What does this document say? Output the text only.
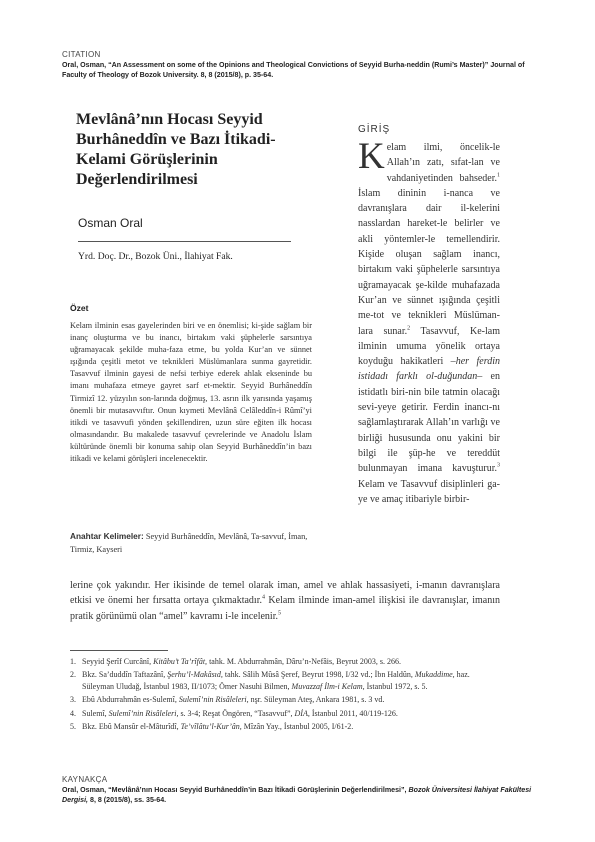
CITATION
Oral, Osman, “An Assessment on some of the Opinions and Theological Convictions of Seyyid Burha-neddin (Rumi’s Master)” Journal of Faculty of Theology of Bozok University. 8, 8 (2015/8), p. 35-64.
Mevlânâ’nın Hocası Seyyid Burhâneddîn ve Bazı İtikadi-Kelami Görüşlerinin Değerlendirilmesi
Osman Oral
Yrd. Doç. Dr., Bozok Üni., İlahiyat Fak.
Özet

Kelam ilminin esas gayelerinden biri ve en önemlisi; ki-şide sağlam bir inanç oluşturma ve bu inancı, birtakım vaki şüphelerle sarsıntıya uğramayacak şekilde muha-faza etme, bu yolda Kur’an ve sünnet ışığında çeşitli metot ve teknikleri Müslümanlara sunma gayretidir. Tasavvuf ilminin gayesi de nefsi terbiye ederek ahlak ekseninde bu imanı muhafaza etmeye gayret sarf et-mektir. Seyyid Burhâneddîn Tirmizî 12. yüzyılın son-larında doğmuş, 13. asrın ilk yarısında yaşamış önemli bir mutasavvıftır. Onun kıymeti Mevlânâ Celâleddîn-i Rûmî’yi itikdi ve tasavvufi yönden şekillendiren, uzun süre eğiten ilk hocası olmasındandır. Bu makalede tasavvuf çevrelerinde ve Anadolu İslam kültüründe önemli bir konuma sahip olan Seyyid Burhâneddîn’in bazı itikadi ve kelami görüşleri incelenecektir.

Anahtar Kelimeler: Seyyid Burhâneddîn, Mevlânâ, Ta-savvuf, İman, Tirmiz, Kayseri

GİRİŞ

Kelam ilmi, öncelik-le Allah’ın zatı, sıfat-lan ve vahdaniyetinden bahseder.$^1$ İslam dininin i-nanca ve davranışlara dair il-kelerini nasslardan hareket-le belirler ve akli yöntemler-le temellendirir. Kişide oluşan sağlam inancı, birtakım vaki şüphelerle sarsıntıya uğramayacak şe-kilde muhafazada Kur’an ve sünnet ışığında çeşitli me-tot ve teknikleri Müslüman-lara sunar.$^2$ Tasavvuf, Ke-lam ilminin umuma yönelik ortaya koyduğu hakikatleri –her ferdin istidadı farklı ol-duğundan– en istidatlı biri-nin bile tatmin olacağı sevi-yeye getirir. Ferdin inancı-nı sağlamlaştırarak Allah’ın varlığı ve birliği hususunda onu yakini bir bilgi ile şüp-he ve tereddüt bulunmayan imana kavuşturur.$^3$ Kelam ve Tasavvuf disiplinleri ga-ye ve amaç itibariyle birbir-

lerine çok yakındır. Her ikisinde de temel olarak iman, amel ve ahlak hassasiyeti, i-manın davranışlara etkisi ve önemi her fırsatta ortaya çıkmaktadır.$^4$ Kelam ilminde iman-amel ilişkisi ile davranışlar, imanın pratik görünümü olan “amel” kavramı i-le incelenir.$^5$

1. Seyyid Şerîf Curcânî, Kitâbu’t Ta’rîfât, tahk. M. Abdurrahmân, Dâru’n-Nefâis, Beyrut 2003, s. 266.
2. Bkz. Sa’duddîn Taftazânî, Şerhu’l-Makâsıd, tahk. Sâlih Mûsâ Şeref, Beyrut 1998, I/32 vd.; İbn Haldûn, Mukaddime, haz. Süleyman Uludağ, İstanbul 1983, II/1073; Ömer Nasuhi Bilmen, Muvazzaf İlm-i Kelam, İstanbul 1972, s. 5.
3. Ebû Abdurrahmân es-Sulemî, Sulemî’nin Risâleleri, nşr. Süleyman Ateş, Ankara 1981, s. 3 vd.
4. Sulemî, Sulemî’nin Risâleleri, s. 3-4; Reşat Öngören, “Tasavvuf”, DİA, İstanbul 2011, 40/119-126.
5. Bkz. Ebû Mansûr el-Mâturîdî, Te’vîlâtu’l-Kur’ân, Mîzân Yay., İstanbul 2005, I/61-2.
KAYNAKÇA
Oral, Osman, “Mevlânâ’nın Hocası Seyyid Burhâneddîn’in Bazı İtikadi Görüşlerinin Değerlendirilmesi”, Bozok Üniversitesi İlahiyat Fakültesi Dergisi, 8, 8 (2015/8), ss. 35-64.
